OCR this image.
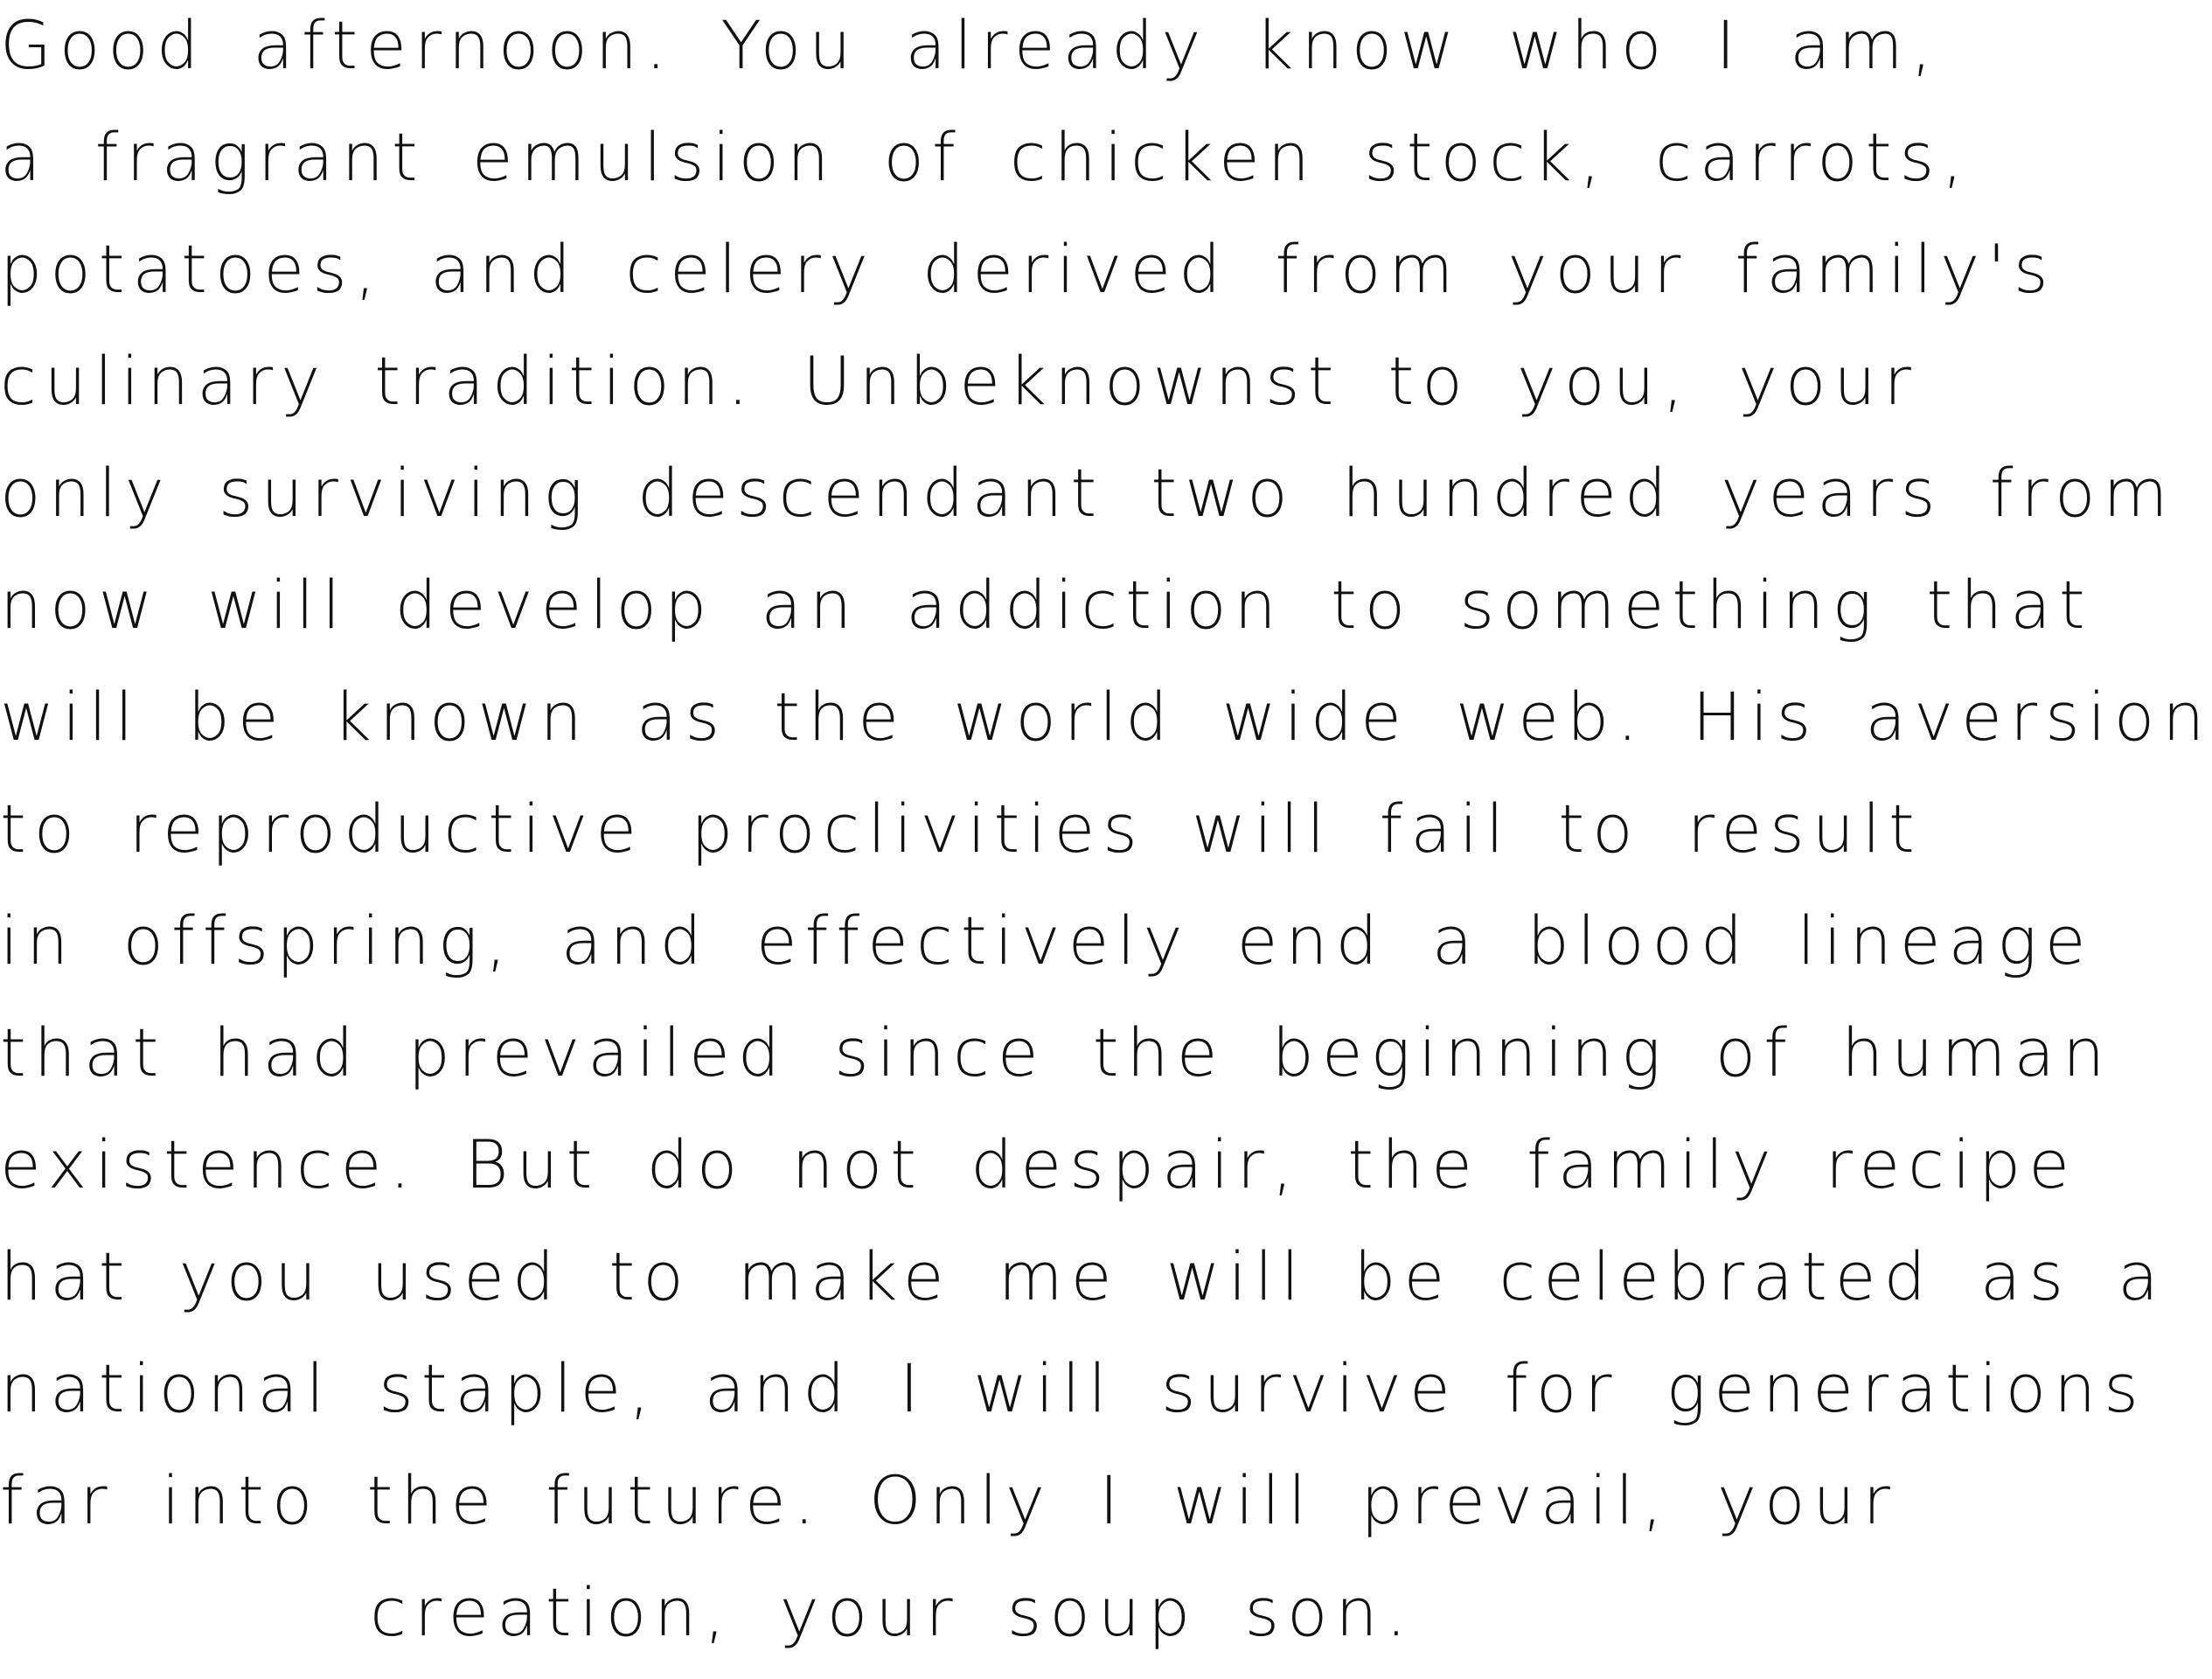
Good afternoon. You already know who I am,
a fragrant emulsion of chicken stock, carrots,
potatoes, and celery derived from your family's
culinary tradition. Unbeknownst to you, your
only surviving descendant two hundred years from
now will develop an addiction to something that
will be known as the world wide web. His aversion
to reproductive proclivities will fail to result
in offspring, and effectively end a blood lineage
that had prevailed since the beginning of human
existence. But do not despair, the family recipe
hat you used to make me will be celebrated as a
national staple, and I will survive for generations
far into the future. Only I will prevail, your
creation, your soup son.
